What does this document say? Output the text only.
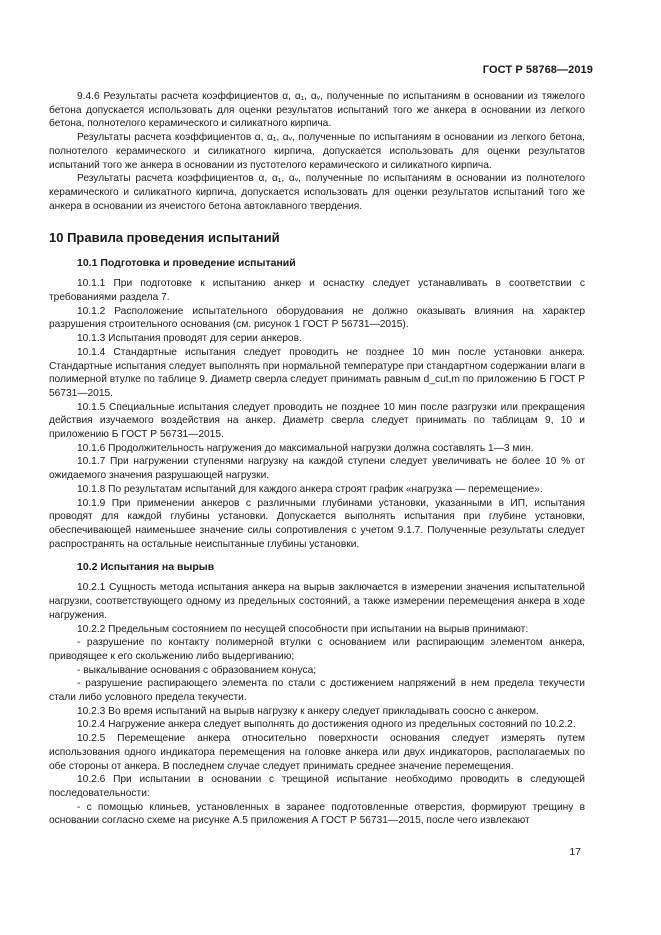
ГОСТ Р 58768—2019

9.4.6 Результаты расчета коэффициентов α, α₁, αᵥ, полученные по испытаниям в основании из тяжелого бетона допускается использовать для оценки результатов испытаний того же анкера в основании из легкого бетона, полнотелого керамического и силикатного кирпича.

Результаты расчета коэффициентов α, α₁, αᵥ, полученные по испытаниям в основании из легкого бетона, полнотелого керамического и силикатного кирпича, допускается использовать для оценки результатов испытаний того же анкера в основании из пустотелого керамического и силикатного кирпича.

Результаты расчета коэффициентов α, α₁, αᵥ, полученные по испытаниям в основании из полнотелого керамического и силикатного кирпича, допускается использовать для оценки результатов испытаний того же анкера в основании из ячеистого бетона автоклавного твердения.

10 Правила проведения испытаний
10.1 Подготовка и проведение испытаний

10.1.1 При подготовке к испытанию анкер и оснастку следует устанавливать в соответствии с требованиями раздела 7.

10.1.2 Расположение испытательного оборудования не должно оказывать влияния на характер разрушения строительного основания (см. рисунок 1 ГОСТ Р 56731—2015).

10.1.3 Испытания проводят для серии анкеров.

10.1.4 Стандартные испытания следует проводить не позднее 10 мин после установки анкера. Стандартные испытания следует выполнять при нормальной температуре при стандартном содержании влаги в полимерной втулке по таблице 9. Диаметр сверла следует принимать равным d_cut,m по приложению Б ГОСТ Р 56731—2015.

10.1.5 Специальные испытания следует проводить не позднее 10 мин после разгрузки или прекращения действия изучаемого воздействия на анкер. Диаметр сверла следует принимать по таблицам 9, 10 и приложению Б ГОСТ Р 56731—2015.

10.1.6 Продолжительность нагружения до максимальной нагрузки должна составлять 1—3 мин.

10.1.7 При нагружении ступенями нагрузку на каждой ступени следует увеличивать не более 10 % от ожидаемого значения разрушающей нагрузки.

10.1.8 По результатам испытаний для каждого анкера строят график «нагрузка — перемещение».

10.1.9 При применении анкеров с различными глубинами установки, указанными в ИП, испытания проводят для каждой глубины установки. Допускается выполнять испытания при глубине установки, обеспечивающей наименьшее значение силы сопротивления с учетом 9.1.7. Полученные результаты следует распространять на остальные неиспытанные глубины установки.

10.2 Испытания на вырыв

10.2.1 Сущность метода испытания анкера на вырыв заключается в измерении значения испытательной нагрузки, соответствующего одному из предельных состояний, а также измерении перемещения анкера в ходе нагружения.

10.2.2 Предельным состоянием по несущей способности при испытании на вырыв принимают:

- разрушение по контакту полимерной втулки с основанием или распирающим элементом анкера, приводящее к его скольжению либо выдергиванию;

- выкалывание основания с образованием конуса;

- разрушение распирающего элемента по стали с достижением напряжений в нем предела текучести стали либо условного предела текучести.

10.2.3 Во время испытаний на вырыв нагрузку к анкеру следует прикладывать соосно с анкером.

10.2.4 Нагружение анкера следует выполнять до достижения одного из предельных состояний по 10.2.2.

10.2.5 Перемещение анкера относительно поверхности основания следует измерять путем использования одного индикатора перемещения на головке анкера или двух индикаторов, располагаемых по обе стороны от анкера. В последнем случае следует принимать среднее значение перемещения.

10.2.6 При испытании в основании с трещиной испытание необходимо проводить в следующей последовательности:

- с помощью клиньев, установленных в заранее подготовленные отверстия, формируют трещину в основании согласно схеме на рисунке А.5 приложения А ГОСТ Р 56731—2015, после чего извлекают

17
